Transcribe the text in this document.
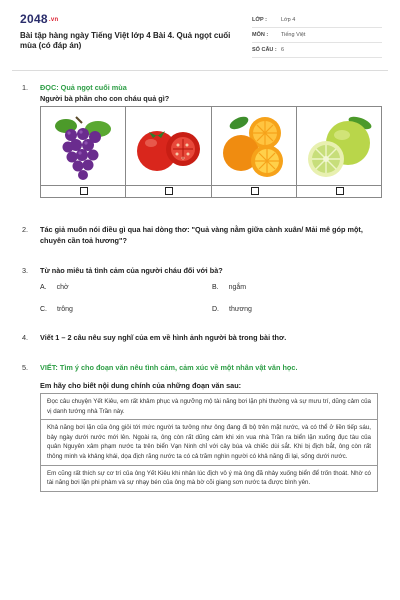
2048.vn
Bài tập hàng ngày Tiếng Việt lớp 4 Bài 4. Quả ngọt cuối mùa (có đáp án)
LỚP :	Lớp 4
MÔN :	Tiếng Việt
SỐ CÂU : 6
1. ĐỌC: Quả ngọt cuối mùa
Người bà phần cho con cháu quả gì?
2. Tác giả muốn nói điều gì qua hai dòng thơ: "Quả vàng nằm giữa cành xuân/ Mải mê góp một, chuyên cần toả hương"?
3. Từ nào miêu tả tình cảm của người cháu đối với bà?
A. chờ	B. ngắm
C. trông	D. thương
4. Viết 1 – 2 câu nêu suy nghĩ của em về hình ảnh người bà trong bài thơ.
5. VIẾT: Tìm ý cho đoạn văn nêu tình cảm, cảm xúc về một nhân vật văn học.
Em hãy cho biết nội dung chính của những đoạn văn sau:
Đọc câu chuyện Yết Kiêu, em rất khâm phục và ngưỡng mộ tài năng bơi lặn phi thường và sự mưu trí, dũng cảm của vị danh tướng nhà Trần này.
Khả năng bơi lặn của ông giỏi tới mức người ta tưởng như ông đang đi bộ trên mặt nước, và có thể ở liền tiếp sáu, bảy ngày dưới nước mới lên. Ngoài ra, ông còn rất dũng cảm khi xin vua nhà Trần ra biển lặn xuống đục tàu của quân Nguyên xâm phạm nước ta trên biển Vạn Ninh chỉ với cây búa và chiếc dùi sắt. Khi bị địch bắt, ông còn rất thông minh và khảng khái, dọa địch răng nước ta có cả trăm nghìn người có khả năng đi lại, sống dưới nước.
Em cũng rất thích sự cơ trí của ông Yết Kiêu khi nhân lúc địch vô ý mà ông đã nhảy xuống biển để trốn thoát. Nhờ có tài năng bơi lặn phi phàm và sự nhạy bén của ông mà bờ cõi giang sơn nước ta được bình yên.
